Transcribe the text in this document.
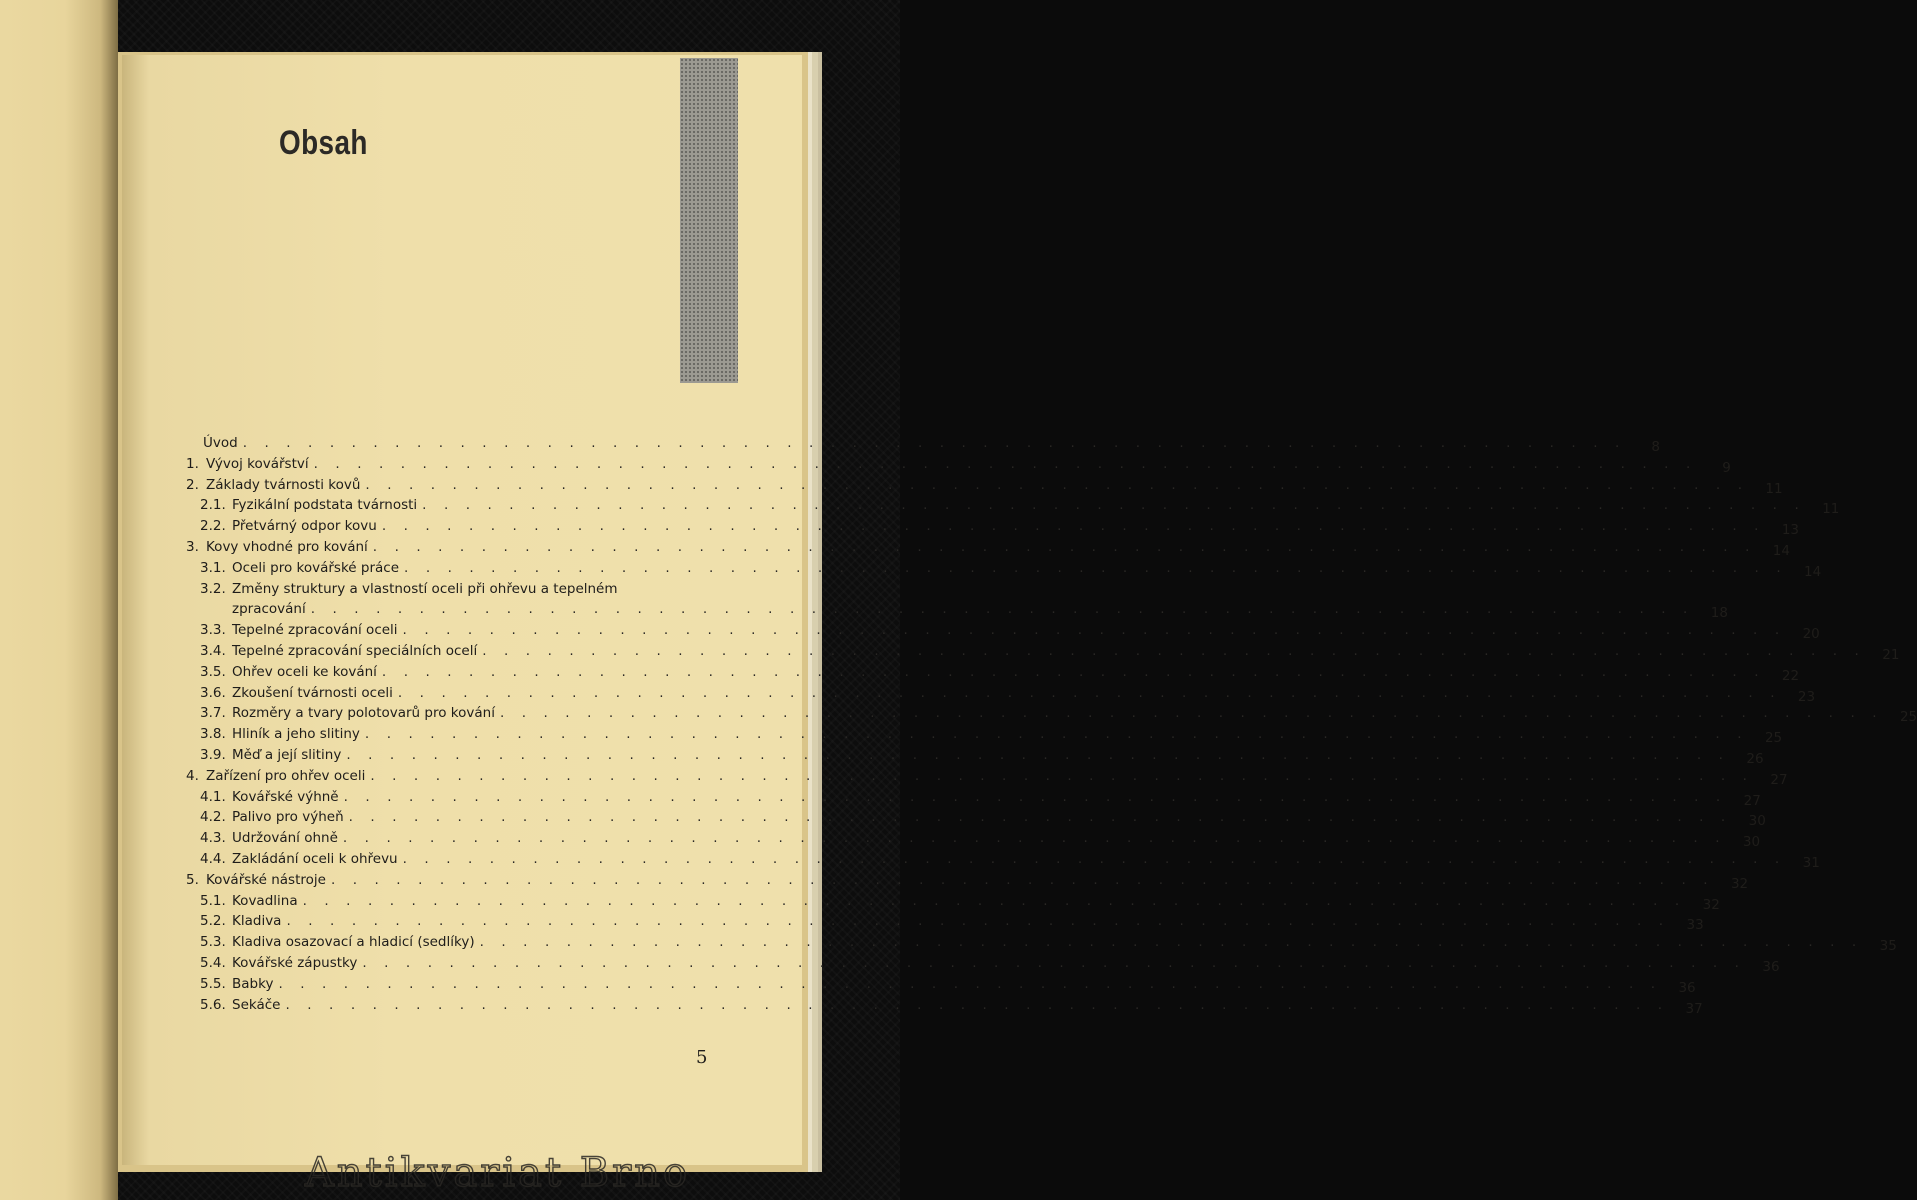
Obsah
Úvod . . .	8
1. Vývoj kovářství . . .	9
2. Základy tvárnosti kovů . . .	11
2.1. Fyzikální podstata tvárnosti . . .	11
2.2. Přetvárný odpor kovu . . .	13
3. Kovy vhodné pro kování . . .	14
3.1. Oceli pro kovářské práce . . .	14
3.2. Změny struktury a vlastností oceli při ohřevu a tepelném
zpracování . . .	18
3.3. Tepelné zpracování oceli . . .	20
3.4. Tepelné zpracování speciálních ocelí . . .	21
3.5. Ohřev oceli ke kování . . .	22
3.6. Zkoušení tvárnosti oceli . . .	23
3.7. Rozměry a tvary polotovarů pro kování . . .	25
3.8. Hliník a jeho slitiny . . .	25
3.9. Měď a její slitiny . . .	26
4. Zařízení pro ohřev oceli . . .	27
4.1. Kovářské výhně . . .	27
4.2. Palivo pro výheň . . .	30
4.3. Udržování ohně . . .	30
4.4. Zakládání oceli k ohřevu . . .	31
5. Kovářské nástroje . . .	32
5.1. Kovadlina . . .	32
5.2. Kladiva . . .	33
5.3. Kladiva osazovací a hladicí (sedlíky) . . .	35
5.4. Kovářské zápustky . . .	36
5.5. Babky . . .	36
5.6. Sekáče . . .	37
5
Antikvariat Brno
